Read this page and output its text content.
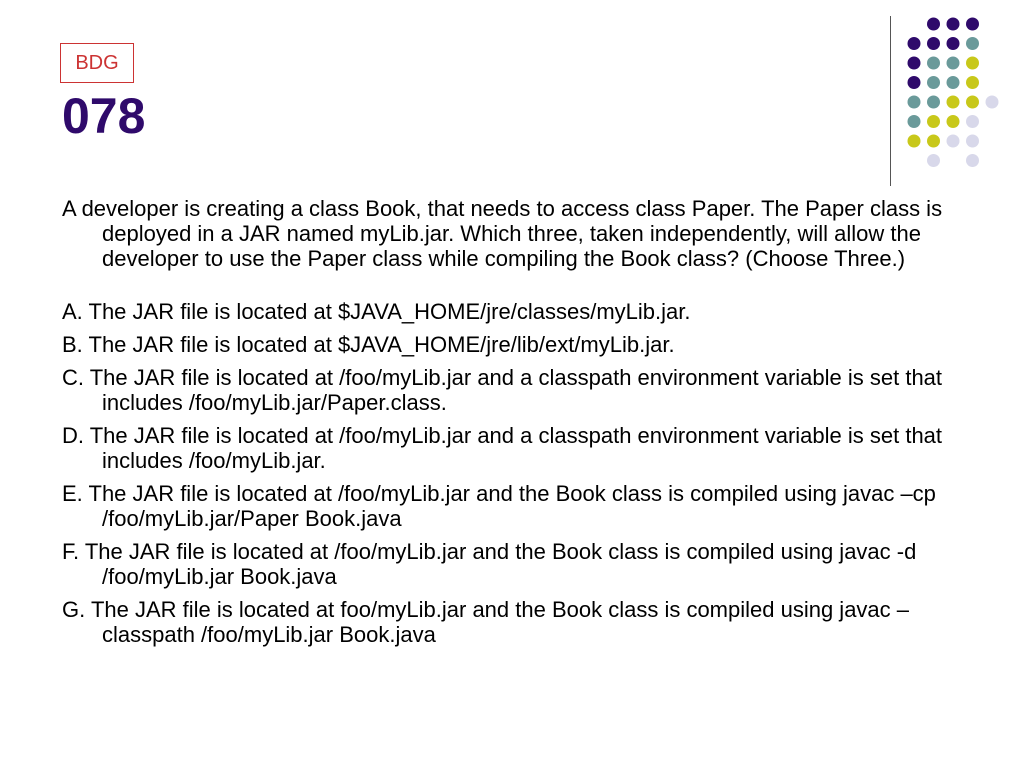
BDG
078

A developer is creating a class Book, that needs to access class Paper. The Paper class is deployed in a JAR named myLib.jar. Which three, taken independently, will allow the developer to use the Paper class while compiling the Book class? (Choose Three.)

A. The JAR file is located at $JAVA_HOME/jre/classes/myLib.jar.

B. The JAR file is located at $JAVA_HOME/jre/lib/ext/myLib.jar.

C. The JAR file is located at /foo/myLib.jar and a classpath environment variable is set that includes /foo/myLib.jar/Paper.class.

D. The JAR file is located at /foo/myLib.jar and a classpath environment variable is set that includes /foo/myLib.jar.

E. The JAR file is located at /foo/myLib.jar and the Book class is compiled using javac –cp /foo/myLib.jar/Paper Book.java

F. The JAR file is located at /foo/myLib.jar and the Book class is compiled using javac -d /foo/myLib.jar Book.java

G. The JAR file is located at foo/myLib.jar and the Book class is compiled using javac –classpath /foo/myLib.jar Book.java
